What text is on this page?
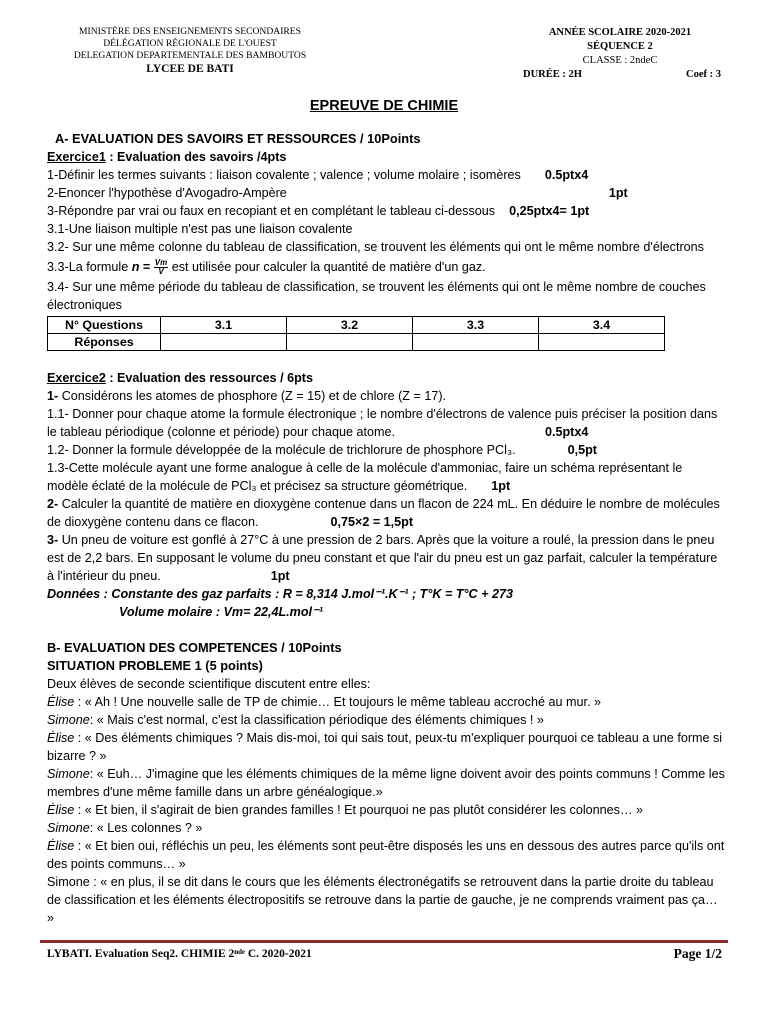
MINISTÈRE DES ENSEIGNEMENTS SECONDAIRES
DÉLÉGATION RÉGIONALE DE L'OUEST
DELEGATION DEPARTEMENTALE DES BAMBOUTOS
LYCEE DE BATI
ANNÉE SCOLAIRE 2020-2021
SÉQUENCE 2
CLASSE : 2ndeC
DURÉE : 2H	Coef : 3
EPREUVE DE CHIMIE
A- EVALUATION DES SAVOIRS ET RESSOURCES / 10Points
Exercice1 : Evaluation des savoirs /4pts
1-Définir les termes suivants : liaison covalente ; valence ; volume molaire ; isomères 0.5ptx4
2-Enoncer l'hypothèse d'Avogadro-Ampère	1pt
3-Répondre par vrai ou faux en recopiant et en complétant le tableau ci-dessous 0,25ptx4= 1pt
3.1-Une liaison multiple n'est pas une liaison covalente
3.2- Sur une même colonne du tableau de classification, se trouvent les éléments qui ont le même nombre d'électrons
3.3-La formule $n = \frac{Vm}{V}$ est utilisée pour calculer la quantité de matière d'un gaz.
3.4- Sur une même période du tableau de classification, se trouvent les éléments qui ont le même nombre de couches électroniques
N° Questions	3.1	3.2	3.3	3.4
Réponses				
Exercice2 : Evaluation des ressources / 6pts
1- Considérons les atomes de phosphore (Z = 15) et de chlore (Z = 17).
1.1- Donner pour chaque atome la formule électronique ; le nombre d'électrons de valence puis préciser la position dans le tableau périodique (colonne et période) pour chaque atome.	0.5ptx4
1.2- Donner la formule développée de la molécule de trichlorure de phosphore PCl₃.	0,5pt
1.3-Cette molécule ayant une forme analogue à celle de la molécule d'ammoniac, faire un schéma représentant le modèle éclaté de la molécule de PCl₃ et précisez sa structure géométrique. 1pt
2- Calculer la quantité de matière en dioxygène contenue dans un flacon de 224 mL. En déduire le nombre de molécules de dioxygène contenu dans ce flacon.	0,75×2 = 1,5pt
3- Un pneu de voiture est gonflé à 27°C à une pression de 2 bars. Après que la voiture a roulé, la pression dans le pneu est de 2,2 bars. En supposant le volume du pneu constant et que l'air du pneu est un gaz parfait, calculer la température à l'intérieur du pneu.	1pt
Données : Constante des gaz parfaits : R = 8,314 J.mol⁻¹.K⁻¹ ; T°K = T°C + 273
Volume molaire : Vm= 22,4L.mol⁻¹
B- EVALUATION DES COMPETENCES / 10Points
SITUATION PROBLEME 1 (5 points)
Deux élèves de seconde scientifique discutent entre elles:
Élise : « Ah ! Une nouvelle salle de TP de chimie… Et toujours le même tableau accroché au mur. »
Simone: « Mais c'est normal, c'est la classification périodique des éléments chimiques ! »
Élise : « Des éléments chimiques ? Mais dis-moi, toi qui sais tout, peux-tu m'expliquer pourquoi ce tableau a une forme si bizarre ? »
Simone: « Euh… J'imagine que les éléments chimiques de la même ligne doivent avoir des points communs ! Comme les membres d'une même famille dans un arbre généalogique.»
Élise : « Et bien, il s'agirait de bien grandes familles ! Et pourquoi ne pas plutôt considérer les colonnes… »
Simone: « Les colonnes ? »
Élise : « Et bien oui, réfléchis un peu, les éléments sont peut-être disposés les uns en dessous des autres parce qu'ils ont des points communs… »
Simone : « en plus, il se dit dans le cours que les éléments électronégatifs se retrouvent dans la partie droite du tableau de classification et les éléments électropositifs se retrouve dans la partie de gauche, je ne comprends vraiment pas ça… »
LYBATI. Evaluation Seq2. CHIMIE 2ⁿᵈᵉ C. 2020-2021	Page 1/2
